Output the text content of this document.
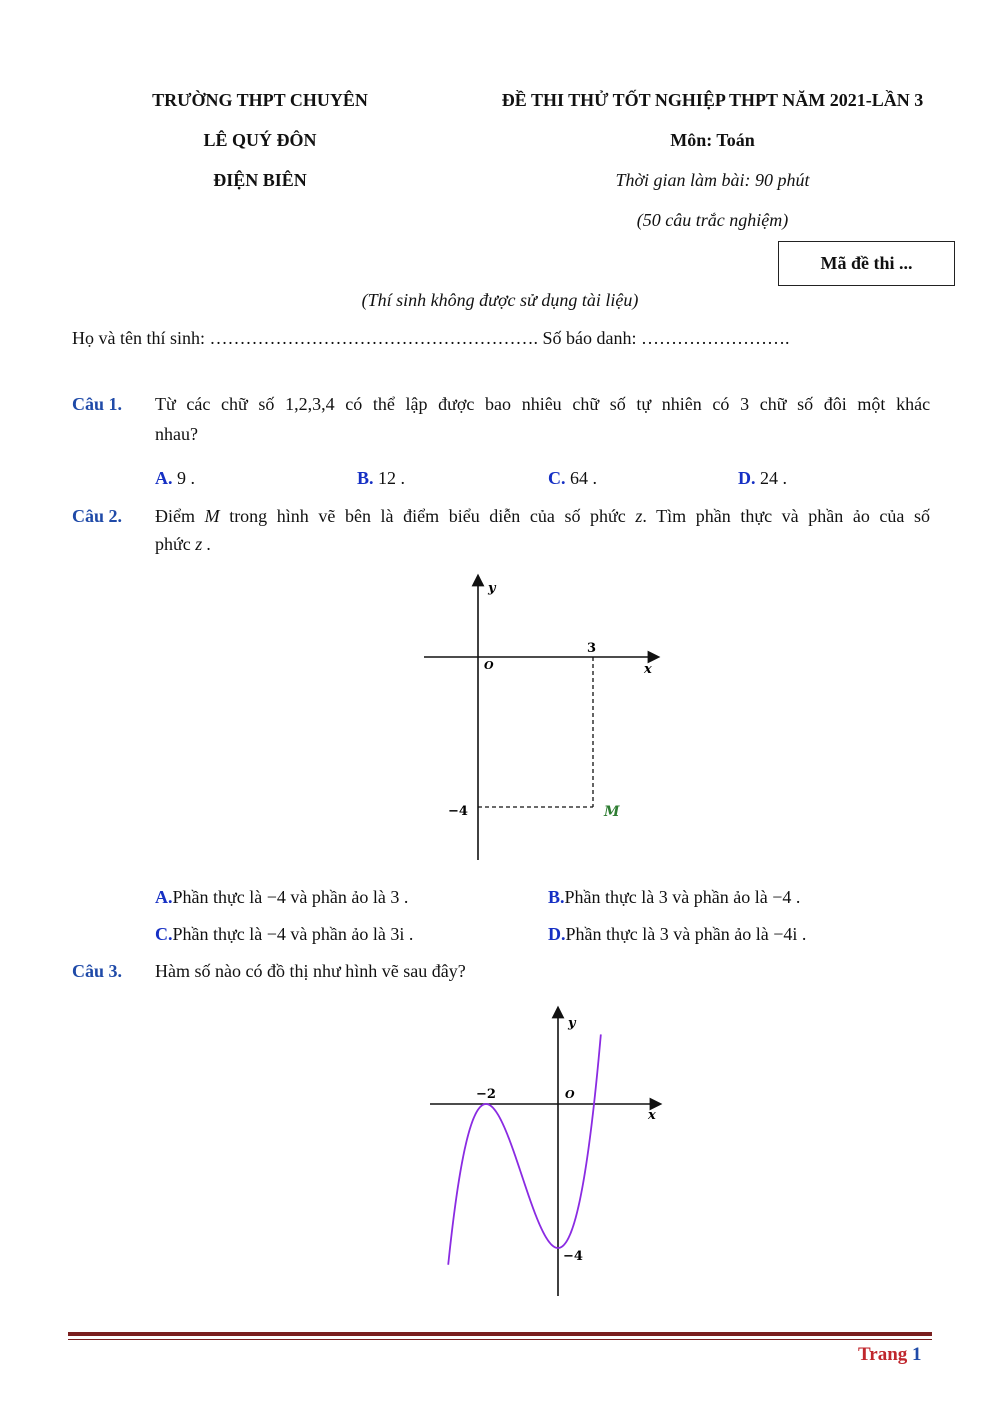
TRƯỜNG THPT CHUYÊN
LÊ QUÝ ĐÔN
ĐIỆN BIÊN
ĐỀ THI THỬ TỐT NGHIỆP THPT NĂM 2021-LẦN 3
Môn: Toán
Thời gian làm bài: 90 phút
(50 câu trắc nghiệm)
Mã đề thi ...
(Thí sinh không được sử dụng tài liệu)
Họ và tên thí sinh: ………………………………………………. Số báo danh: …………………….
Câu 1. Từ các chữ số 1,2,3,4 có thể lập được bao nhiêu chữ số tự nhiên có 3 chữ số đôi một khác
nhau?
A. 9 .	B. 12 .	C. 64 .	D. 24 .
Câu 2. Điểm M trong hình vẽ bên là điểm biểu diễn của số phức z. Tìm phần thực và phần ảo của số
phức z .
y
x
O
3
−4	M
A.Phần thực là −4 và phần ảo là 3 .	B.Phần thực là 3 và phần ảo là −4 .
C.Phần thực là −4 và phần ảo là 3i .	D.Phần thực là 3 và phần ảo là −4i .
Câu 3. Hàm số nào có đồ thị như hình vẽ sau đây?
y
x
O
−2
−4
Trang 1
